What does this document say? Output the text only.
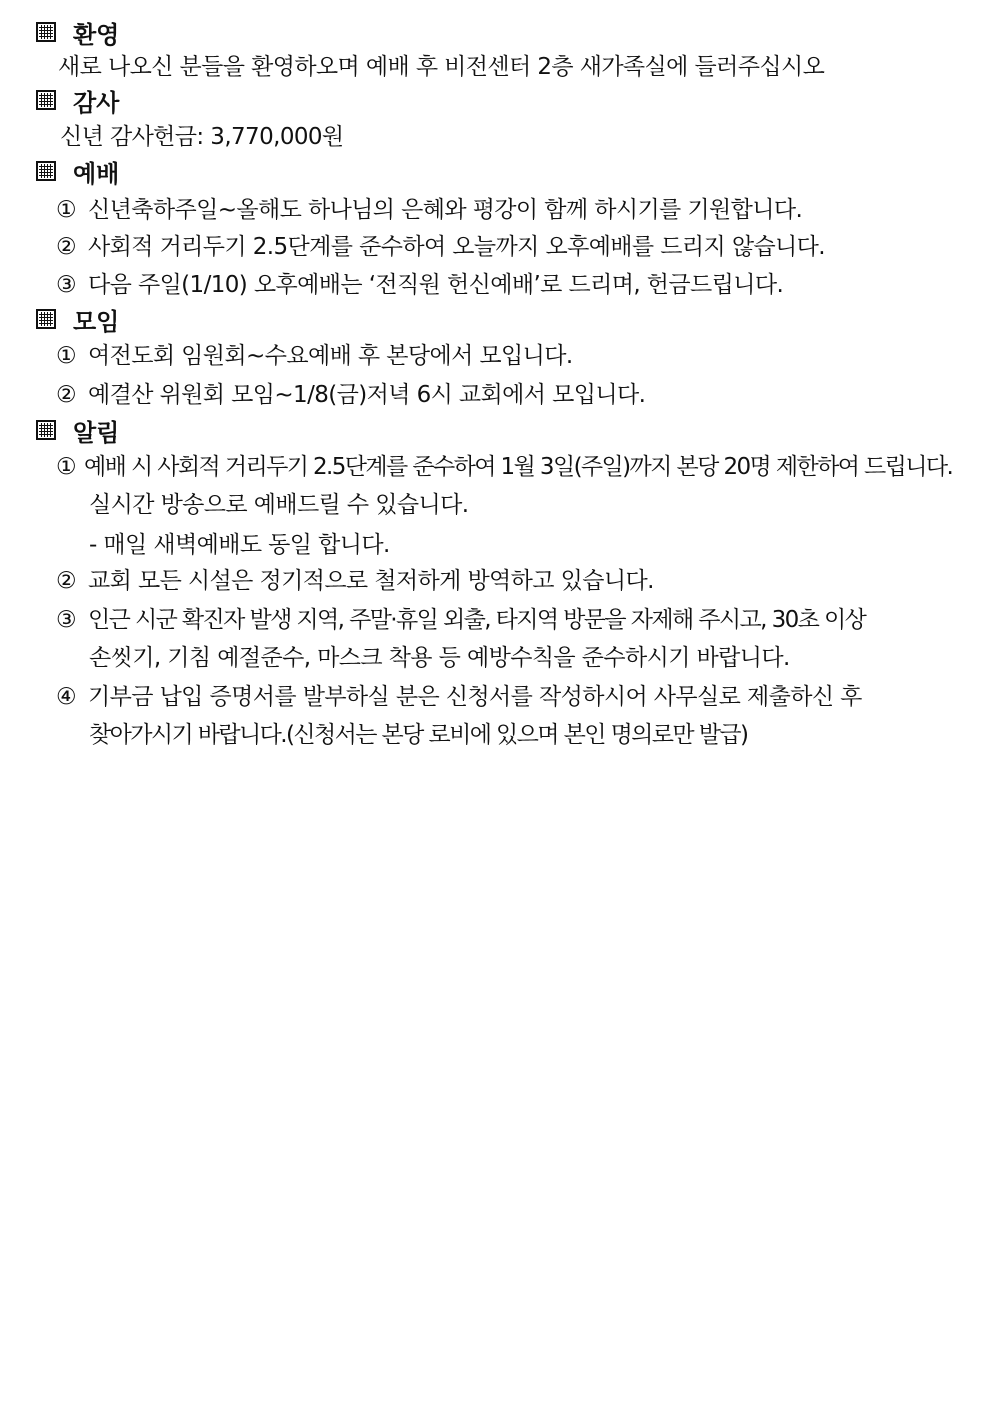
환영
새로 나오신 분들을 환영하오며 예배 후 비전센터 2층 새가족실에 들러주십시오
감사
신년 감사헌금: 3,770,000원
예배
① 신년축하주일~올해도 하나님의 은혜와 평강이 함께 하시기를 기원합니다.
② 사회적 거리두기 2.5단계를 준수하여 오늘까지 오후예배를 드리지 않습니다.
③ 다음 주일(1/10) 오후예배는 ‘전직원 헌신예배’로 드리며, 헌금드립니다.
모임
① 여전도회 임원회~수요예배 후 본당에서 모입니다.
② 예결산 위원회 모임~1/8(금)저녁 6시 교회에서 모입니다.
알림
① 예배 시 사회적 거리두기 2.5단계를 준수하여 1월 3일(주일)까지 본당 20명 제한하여 드립니다.
실시간 방송으로 예배드릴 수 있습니다.
- 매일 새벽예배도 동일 합니다.
② 교회 모든 시설은 정기적으로 철저하게 방역하고 있습니다.
③ 인근 시군 확진자 발생 지역, 주말·휴일 외출, 타지역 방문을 자제해 주시고, 30초 이상
손씻기, 기침 예절준수, 마스크 착용 등 예방수칙을 준수하시기 바랍니다.
④ 기부금 납입 증명서를 발부하실 분은 신청서를 작성하시어 사무실로 제출하신 후
찾아가시기 바랍니다.(신청서는 본당 로비에 있으며 본인 명의로만 발급)
